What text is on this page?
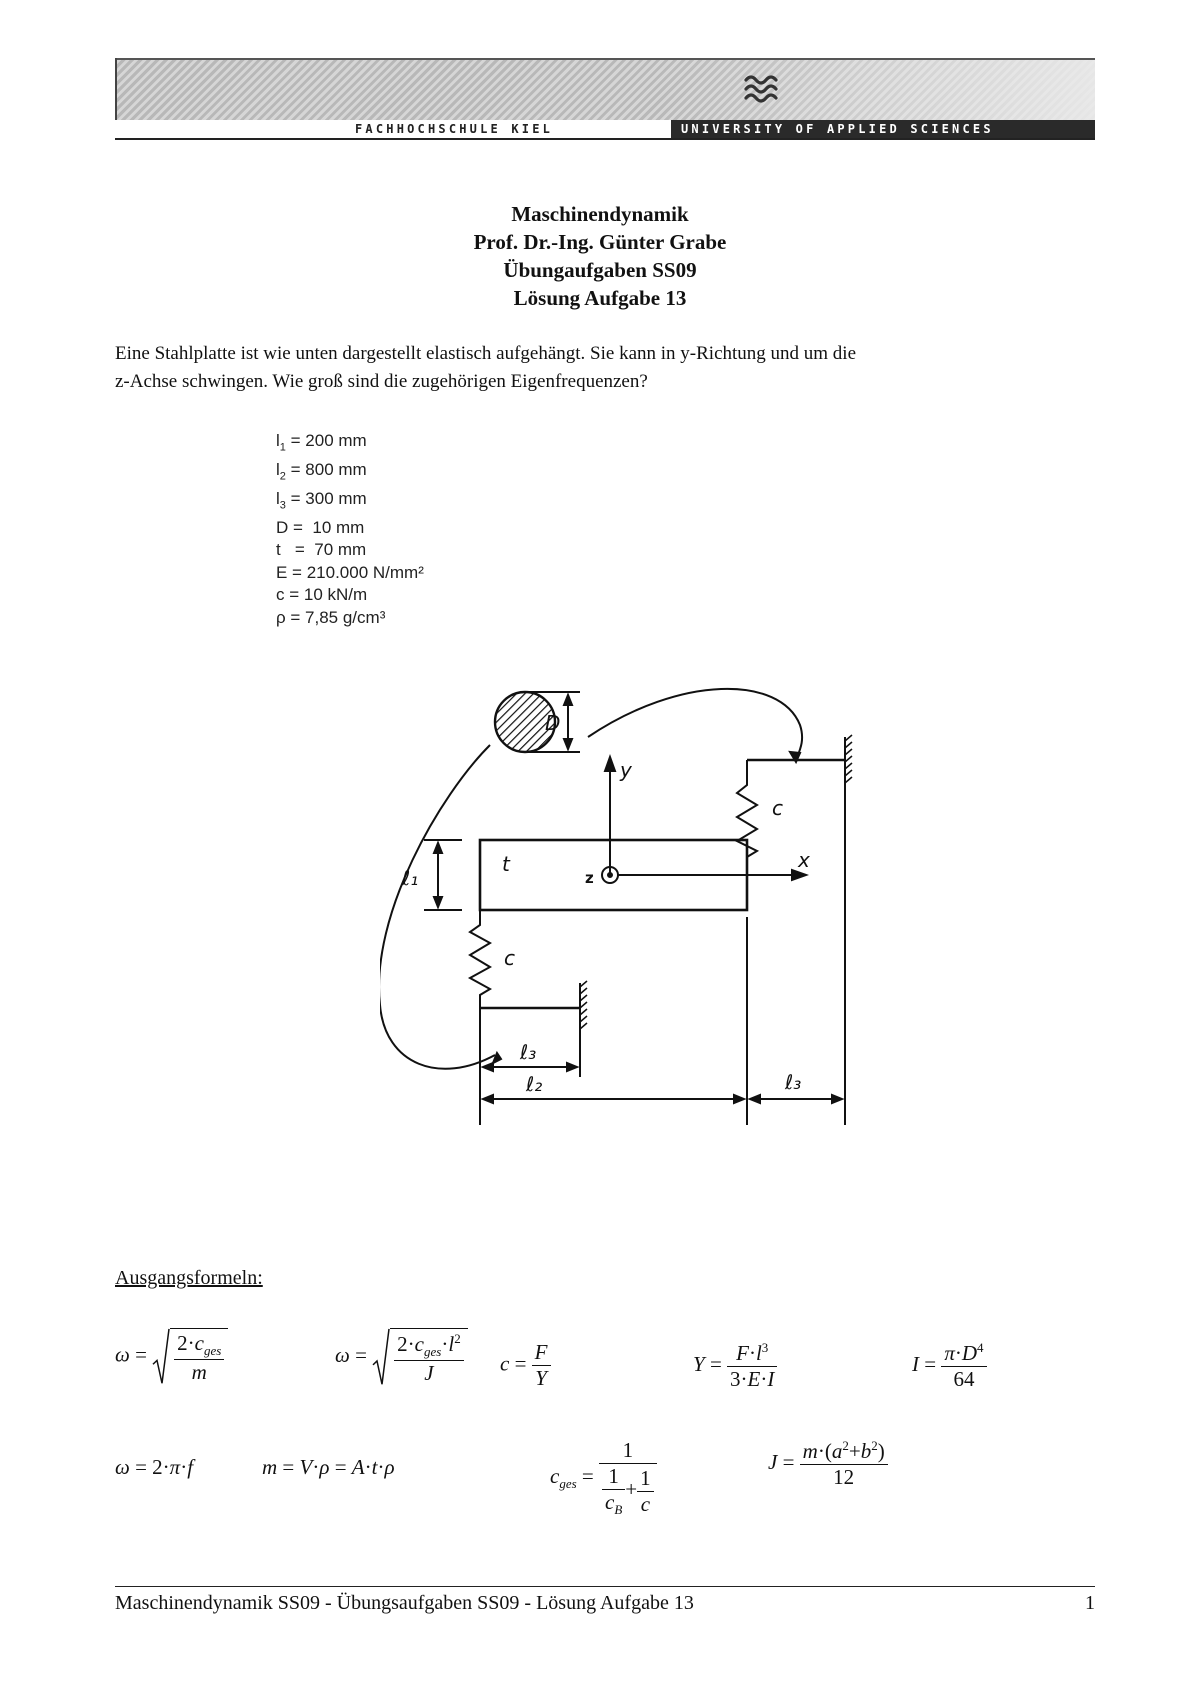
FACHHOCHSCHULE KIEL	UNIVERSITY OF APPLIED SCIENCES
Maschinendynamik
Prof. Dr.-Ing. Günter Grabe
Übungaufgaben SS09
Lösung Aufgabe 13
Eine Stahlplatte ist wie unten dargestellt elastisch aufgehängt. Sie kann in y-Richtung und um die
z-Achse schwingen. Wie groß sind die zugehörigen Eigenfrequenzen?
$l_1 = 200$ mm
$l_2 = 800$ mm
$l_3 = 300$ mm
D =  10 mm
t   =  70 mm
E = 210.000 N/mm²
c = 10 kN/m
ρ = 7,85 g/cm³
D
y
c
t
z
x
ℓ₁
c
ℓ₃
ℓ₂	ℓ₃
Ausgangsformeln:
$\omega = \frac{2\cdot c_{ges}}{m}$	$\omega = \frac{2\cdot c_{ges}\cdot l^2}{J}$ $c = \frac{F}{Y}$	$Y = \frac{F\cdot l^3}{3\cdot E\cdot I}$	$I = \frac{\pi\cdot D^4}{64}$
ω = 2·π·f	m = V·ρ = A·t·ρ	$c_{ges} = \frac{1}{\frac{1}{c_B} + \frac{1}{c}}$	$J = \frac{m\cdot(a^2+b^2)}{12}$
Maschinendynamik SS09 - Übungsaufgaben SS09 - Lösung Aufgabe 13	1
